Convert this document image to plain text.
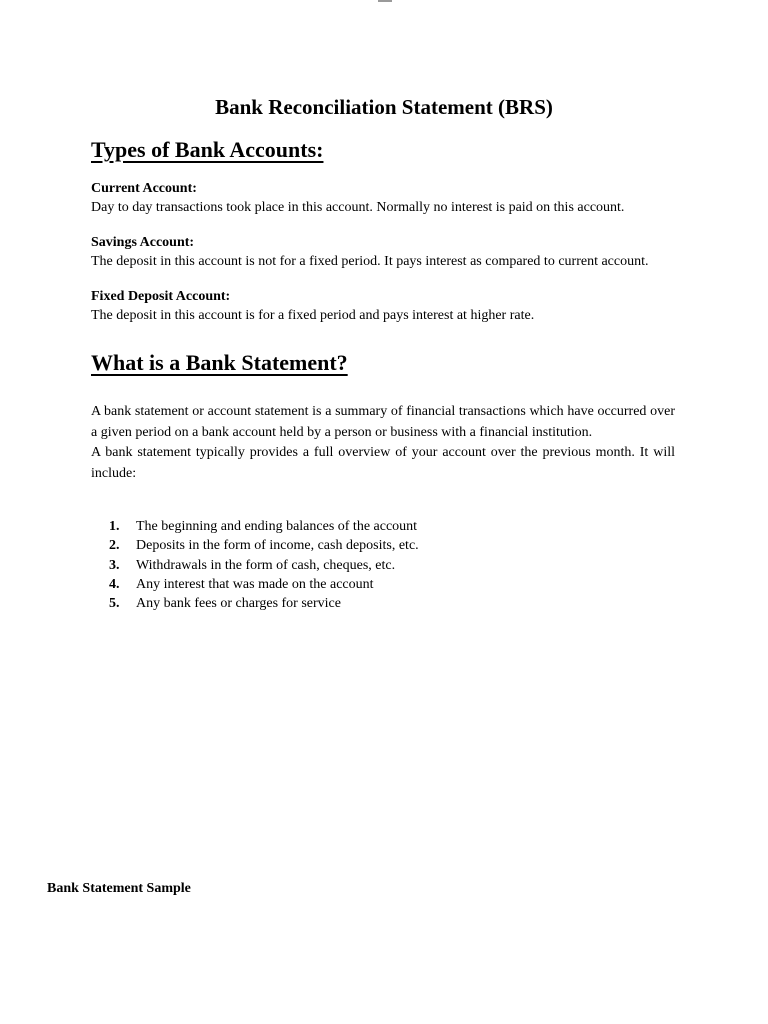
Bank Reconciliation Statement (BRS)
Types of Bank Accounts:
Current Account:
Day to day transactions took place in this account. Normally no interest is paid on this account.
Savings Account:
The deposit in this account is not for a fixed period. It pays interest as compared to current account.
Fixed Deposit Account:
The deposit in this account is for a fixed period and pays interest at higher rate.
What is a Bank Statement?

A bank statement or account statement is a summary of financial transactions which have occurred over a given period on a bank account held by a person or business with a financial institution.

A bank statement typically provides a full overview of your account over the previous month. It will include:

1.	The beginning and ending balances of the account
2.	Deposits in the form of income, cash deposits, etc.
3.	Withdrawals in the form of cash, cheques, etc.
4.	Any interest that was made on the account
5.	Any bank fees or charges for service
Bank Statement Sample
